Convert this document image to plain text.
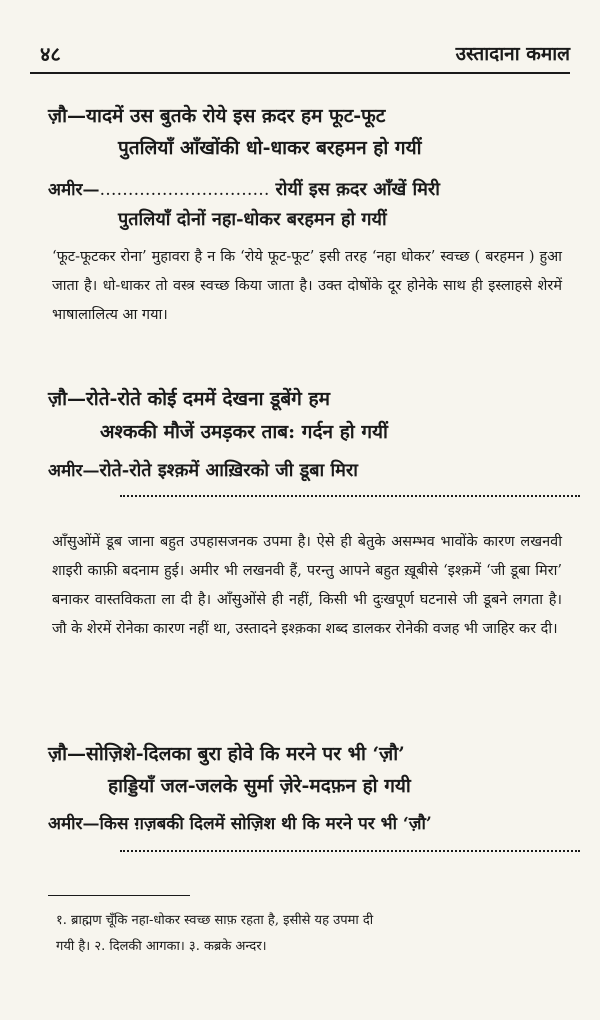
४८	उस्तादाना कमाल
ज़ौ—यादमें उस बुतके रोये इस क़दर हम फूट-फूट
पुतलियाँ आँखोंकी धो-धाकर बरहमन हो गयीं
अमीर—………………………… रोयीं इस क़दर आँखें मिरी
पुतलियाँ दोनों नहा-धोकर बरहमन हो गयीं

‘फूट-फूटकर रोना’ मुहावरा है न कि ‘रोये फूट-फूट’ इसी तरह ‘नहा धोकर’ स्वच्छ ( बरहमन ) हुआ जाता है। धो-धाकर तो वस्त्र स्वच्छ किया जाता है। उक्त दोषोंके दूर होनेके साथ ही इस्लाहसे शेरमें भाषालालित्य आ गया।

ज़ौ—रोते-रोते कोई दममें देखना डूबेंगे हम
अश्ककी मौजें उमड़कर ताब: गर्दन हो गयीं
अमीर—रोते-रोते इश्क़में आख़िरको जी डूबा मिरा

आँसुओंमें डूब जाना बहुत उपहासजनक उपमा है। ऐसे ही बेतुके असम्भव भावोंके कारण लखनवी शाइरी काफ़ी बदनाम हुई। अमीर भी लखनवी हैं, परन्तु आपने बहुत ख़ूबीसे ‘इश्क़में ‘जी डूबा मिरा’ बनाकर वास्तविकता ला दी है। आँसुओंसे ही नहीं, किसी भी दुःखपूर्ण घटनासे जी डूबने लगता है। जौ के शेरमें रोनेका कारण नहीं था, उस्तादने इश्क़का शब्द डालकर रोनेकी वजह भी जाहिर कर दी।

ज़ौ—सोज़िशे-दिलका बुरा होवे कि मरने पर भी ‘ज़ौ’
हाड्डियाँ जल-जलके सुर्मा ज़ेरे-मदफ़न हो गयी
अमीर—किस ग़ज़बकी दिलमें सोज़िश थी कि मरने पर भी ‘ज़ौ’

१. ब्राह्मण चूँकि नहा-धोकर स्वच्छ साफ़ रहता है, इसीसे यह उपमा दी

गयी है। २. दिलकी आगका। ३. कब्रके अन्दर।
